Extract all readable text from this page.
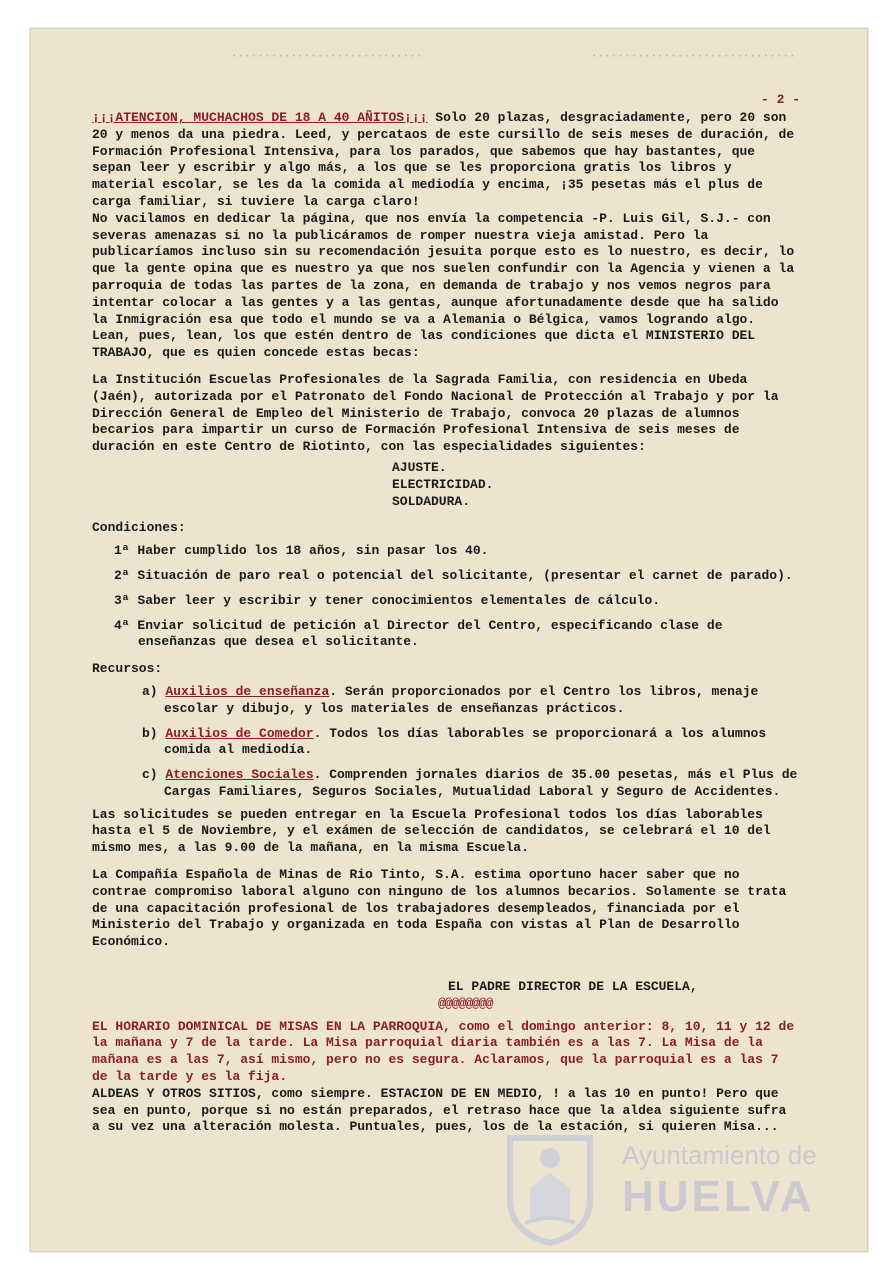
·····························	·······························
- 2 -

¡¡¡ATENCION, MUCHACHOS DE 18 A 40 AÑITOS¡¡¡ Solo 20 plazas, desgraciadamente, pero 20 son 20 y menos da una piedra. Leed, y percataos de este cursillo de seis meses de duración, de Formación Profesional Intensiva, para los parados, que sabemos que hay bastantes, que sepan leer y escribir y algo más, a los que se les proporciona gratis los libros y material escolar, se les da la comida al mediodía y encima, ¡35 pesetas más el plus de carga familiar, si tuviere la carga claro!

No vacilamos en dedicar la página, que nos envía la competencia -P. Luis Gil, S.J.- con severas amenazas si no la publicáramos de romper nuestra vieja amistad. Pero la publicaríamos incluso sin su recomendación jesuita porque esto es lo nuestro, es decir, lo que la gente opina que es nuestro ya que nos suelen confundir con la Agencia y vienen a la parroquia de todas las partes de la zona, en demanda de trabajo y nos vemos negros para intentar colocar a las gentes y a las gentas, aunque afortunadamente desde que ha salido la Inmigración esa que todo el mundo se va a Alemania o Bélgica, vamos logrando algo. Lean, pues, lean, los que estén dentro de las condiciones que dicta el MINISTERIO DEL TRABAJO, que es quien concede estas becas:

La Institución Escuelas Profesionales de la Sagrada Familia, con residencia en Ubeda (Jaén), autorizada por el Patronato del Fondo Nacional de Protección al Trabajo y por la Dirección General de Empleo del Ministerio de Trabajo, convoca 20 plazas de alumnos becarios para impartir un curso de Formación Profesional Intensiva de seis meses de duración en este Centro de Riotinto, con las especialidades siguientes:

AJUSTE.

ELECTRICIDAD.

SOLDADURA.

Condiciones:

1ª Haber cumplido los 18 años, sin pasar los 40.

2ª Situación de paro real o potencial del solicitante, (presentar el carnet de parado).

3ª Saber leer y escribir y tener conocimientos elementales de cálculo.

4ª Enviar solicitud de petición al Director del Centro, especificando clase de enseñanzas que desea el solicitante.

Recursos:

a) Auxilios de enseñanza. Serán proporcionados por el Centro los libros, menaje escolar y dibujo, y los materiales de enseñanzas prácticos.

b) Auxilios de Comedor. Todos los días laborables se proporcionará a los alumnos comida al mediodía.

c) Atenciones Sociales. Comprenden jornales diarios de 35.00 pesetas, más el Plus de Cargas Familiares, Seguros Sociales, Mutualidad Laboral y Seguro de Accidentes.

Las solicitudes se pueden entregar en la Escuela Profesional todos los días laborables hasta el 5 de Noviembre, y el exámen de selección de candidatos, se celebrará el 10 del mismo mes, a las 9.00 de la mañana, en la misma Escuela.

La Compañía Española de Minas de Rio Tinto, S.A. estima oportuno hacer saber que no contrae compromiso laboral alguno con ninguno de los alumnos becarios. Solamente se trata de una capacitación profesional de los trabajadores desempleados, financiada por el Ministerio del Trabajo y organizada en toda España con vistas al Plan de Desarrollo Económico.

EL PADRE DIRECTOR DE LA ESCUELA,

@@@@@@@@

EL HORARIO DOMINICAL DE MISAS EN LA PARROQUIA, como el domingo anterior: 8, 10, 11 y 12 de la mañana y 7 de la tarde. La Misa parroquial diaria también es a las 7. La Misa de la mañana es a las 7, así mismo, pero no es segura. Aclaramos, que la parroquial es a las 7 de la tarde y es la fija.

ALDEAS Y OTROS SITIOS, como siempre. ESTACION DE EN MEDIO, ! a las 10 en punto! Pero que sea en punto, porque si no están preparados, el retraso hace que la aldea siguiente sufra a su vez una alteración molesta. Puntuales, pues, los de la estación, si quieren Misa...

Ayuntamiento de
HUELVA
